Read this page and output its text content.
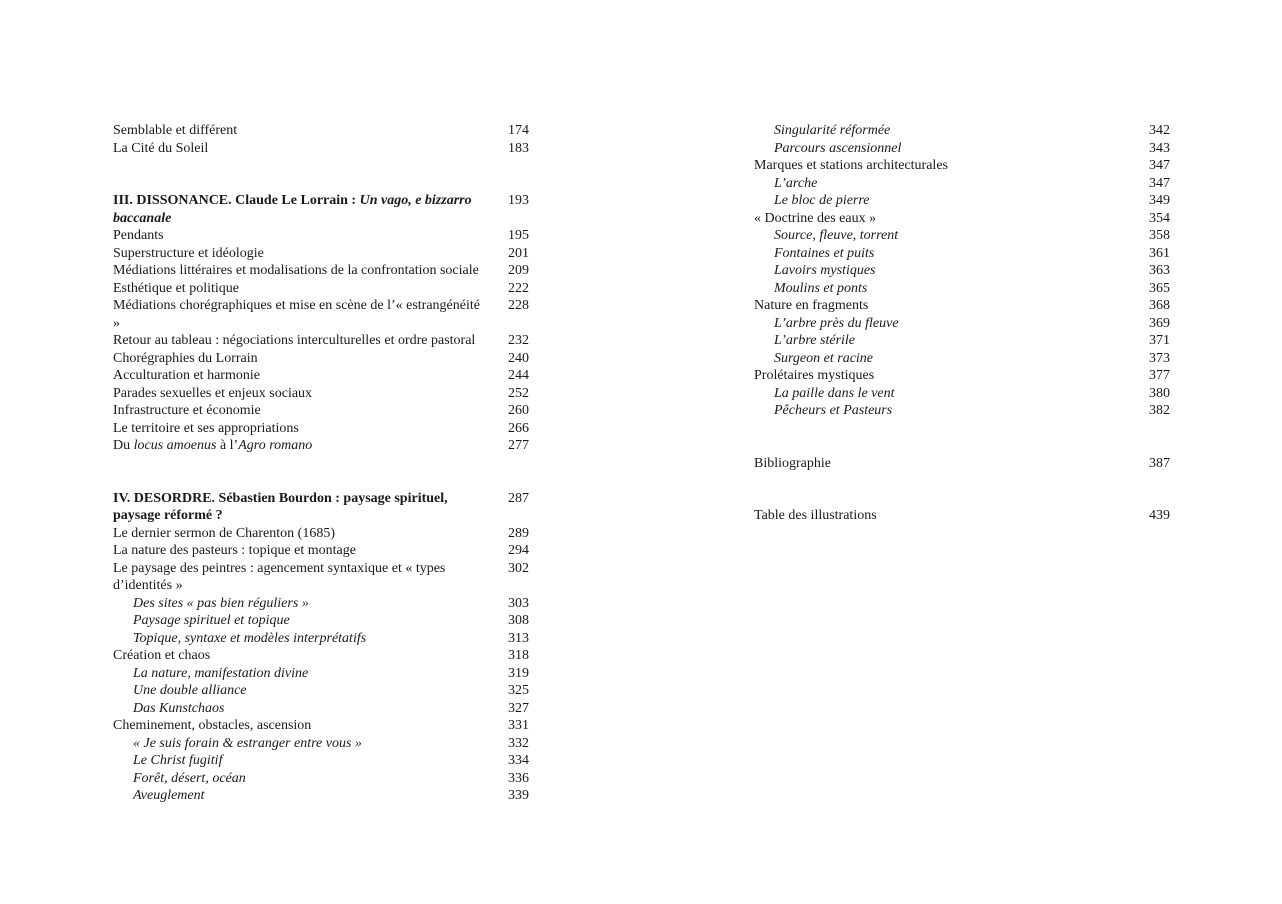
Semblable et différent	174
La Cité du Soleil	183
III. DISSONANCE. Claude Le Lorrain : Un vago, e bizzarro baccanale
193
Pendants	195
Superstructure et idéologie	201
Médiations littéraires et modalisations de la confrontation sociale	209
Esthétique et politique	222
Médiations chorégraphiques et mise en scène de l’« estrangénéité »
228
Retour au tableau : négociations interculturelles et ordre pastoral	232
Chorégraphies du Lorrain	240
Acculturation et harmonie	244
Parades sexuelles et enjeux sociaux	252
Infrastructure et économie	260
Le territoire et ses appropriations	266
Du locus amoenus à l’Agro romano	277
IV. DESORDRE. Sébastien Bourdon : paysage spirituel, paysage réformé ?
287
Le dernier sermon de Charenton (1685)	289
La nature des pasteurs : topique et montage	294
Le paysage des peintres : agencement syntaxique et « types d’identités »
302
Des sites « pas bien réguliers »	303
Paysage spirituel et topique	308
Topique, syntaxe et modèles interprétatifs	313
Création et chaos	318
La nature, manifestation divine	319
Une double alliance	325
Das Kunstchaos	327
Cheminement, obstacles, ascension	331
« Je suis forain & estranger entre vous »	332
Le Christ fugitif	334
Forêt, désert, océan	336
Aveuglement	339
Singularité réformée	342
Parcours ascensionnel	343
Marques et stations architecturales	347
L’arche	347
Le bloc de pierre	349
« Doctrine des eaux »	354
Source, fleuve, torrent	358
Fontaines et puits	361
Lavoirs mystiques	363
Moulins et ponts	365
Nature en fragments	368
L’arbre près du fleuve	369
L’arbre stérile	371
Surgeon et racine	373
Prolétaires mystiques	377
La paille dans le vent	380
Pêcheurs et Pasteurs	382
Bibliographie	387
Table des illustrations	439
